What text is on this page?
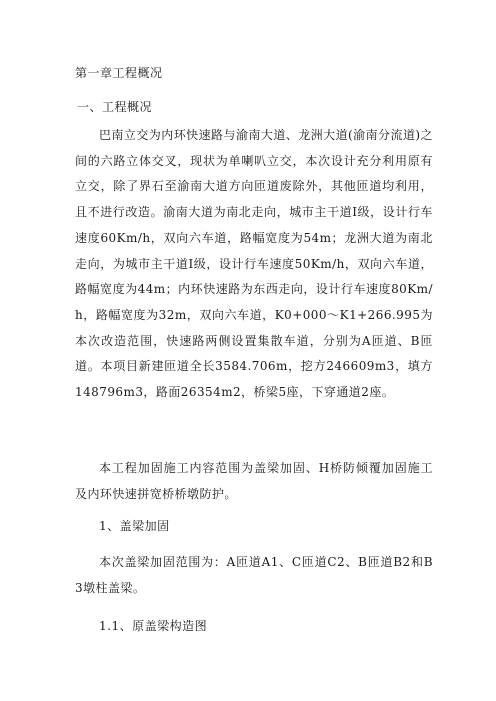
第一章工程概况
一、工程概况
巴南立交为内环快速路与渝南大道、龙洲大道(渝南分流道)之间的六路立体交叉，现状为单喇叭立交，本次设计充分利用原有立交，除了界石至渝南大道方向匝道废除外，其他匝道均利用，且不进行改造。渝南大道为南北走向，城市主干道Ⅰ级，设计行车速度60Km/h，双向六车道，路幅宽度为54m；龙洲大道为南北走向，为城市主干道Ⅰ级，设计行车速度50Km/h，双向六车道，路幅宽度为44m；内环快速路为东西走向，设计行车速度80Km/h，路幅宽度为32m，双向六车道，K0+000～K1+266.995为本次改造范围，快速路两侧设置集散车道，分别为A匝道、B匝道。本项目新建匝道全长3584.706m，挖方246609m3，填方148796m3，路面26354m2，桥梁5座，下穿通道2座。
本工程加固施工内容范围为盖梁加固、H桥防倾覆加固施工及内环快速拼宽桥桥墩防护。
1、盖梁加固
本次盖梁加固范围为：A匝道A1、C匝道C2、B匝道B2和B3墩柱盖梁。
1.1、原盖梁构造图
